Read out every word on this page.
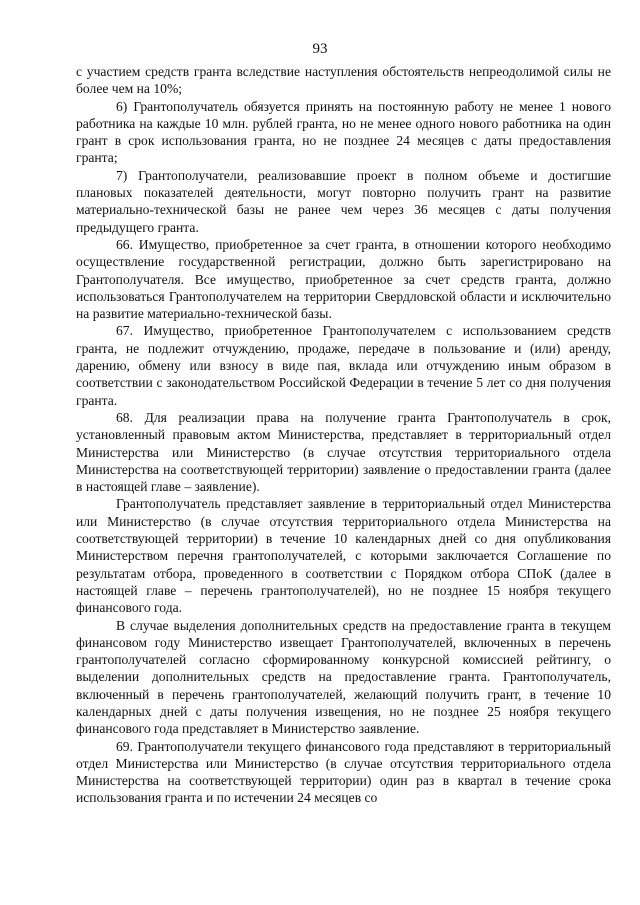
93

с участием средств гранта вследствие наступления обстоятельств непреодолимой силы не более чем на 10%;

6) Грантополучатель обязуется принять на постоянную работу не менее 1 нового работника на каждые 10 млн. рублей гранта, но не менее одного нового работника на один грант в срок использования гранта, но не позднее 24 месяцев с даты предоставления гранта;

7) Грантополучатели, реализовавшие проект в полном объеме и достигшие плановых показателей деятельности, могут повторно получить грант на развитие материально-технической базы не ранее чем через 36 месяцев с даты получения предыдущего гранта.

66. Имущество, приобретенное за счет гранта, в отношении которого необходимо осуществление государственной регистрации, должно быть зарегистрировано на Грантополучателя. Все имущество, приобретенное за счет средств гранта, должно использоваться Грантополучателем на территории Свердловской области и исключительно на развитие материально-технической базы.

67. Имущество, приобретенное Грантополучателем с использованием средств гранта, не подлежит отчуждению, продаже, передаче в пользование и (или) аренду, дарению, обмену или взносу в виде пая, вклада или отчуждению иным образом в соответствии с законодательством Российской Федерации в течение 5 лет со дня получения гранта.

68. Для реализации права на получение гранта Грантополучатель в срок, установленный правовым актом Министерства, представляет в территориальный отдел Министерства или Министерство (в случае отсутствия территориального отдела Министерства на соответствующей территории) заявление о предоставлении гранта (далее в настоящей главе – заявление).

Грантополучатель представляет заявление в территориальный отдел Министерства или Министерство (в случае отсутствия территориального отдела Министерства на соответствующей территории) в течение 10 календарных дней со дня опубликования Министерством перечня грантополучателей, с которыми заключается Соглашение по результатам отбора, проведенного в соответствии с Порядком отбора СПоК (далее в настоящей главе – перечень грантополучателей), но не позднее 15 ноября текущего финансового года.

В случае выделения дополнительных средств на предоставление гранта в текущем финансовом году Министерство извещает Грантополучателей, включенных в перечень грантополучателей согласно сформированному конкурсной комиссией рейтингу, о выделении дополнительных средств на предоставление гранта. Грантополучатель, включенный в перечень грантополучателей, желающий получить грант, в течение 10 календарных дней с даты получения извещения, но не позднее 25 ноября текущего финансового года представляет в Министерство заявление.

69. Грантополучатели текущего финансового года представляют в территориальный отдел Министерства или Министерство (в случае отсутствия территориального отдела Министерства на соответствующей территории) один раз в квартал в течение срока использования гранта и по истечении 24 месяцев со
